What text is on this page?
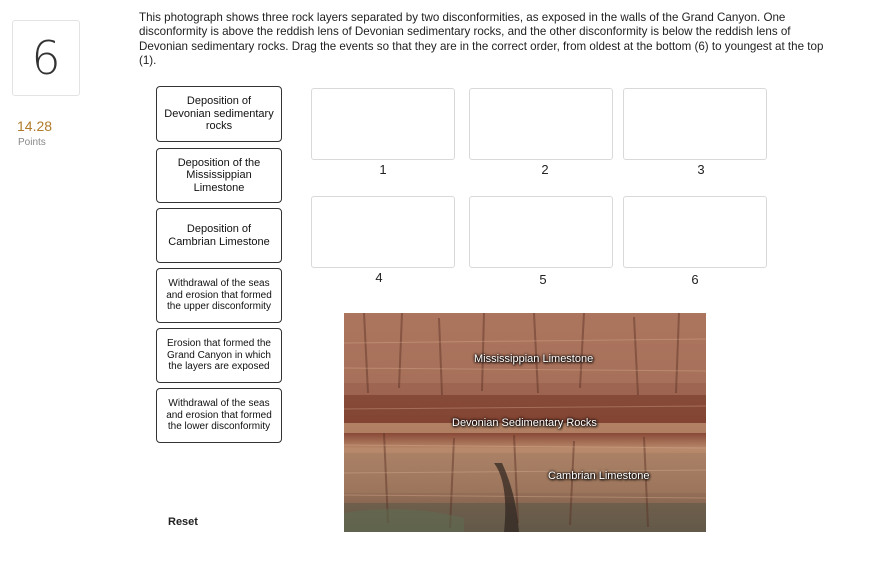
6
14.28
Points
This photograph shows three rock layers separated by two disconformities, as exposed in the walls of the Grand Canyon. One disconformity is above the reddish lens of Devonian sedimentary rocks, and the other disconformity is below the reddish lens of Devonian sedimentary rocks. Drag the events so that they are in the correct order, from oldest at the bottom (6) to youngest at the top (1).
Deposition of Devonian sedimentary rocks
Deposition of the Mississippian Limestone
Deposition of Cambrian Limestone
Withdrawal of the seas and erosion that formed the upper disconformity
Erosion that formed the Grand Canyon in which the layers are exposed
Withdrawal of the seas and erosion that formed the lower disconformity
1	2	3
4	5	6
Reset
Mississippian Limestone
Devonian Sedimentary Rocks
Cambrian Limestone
